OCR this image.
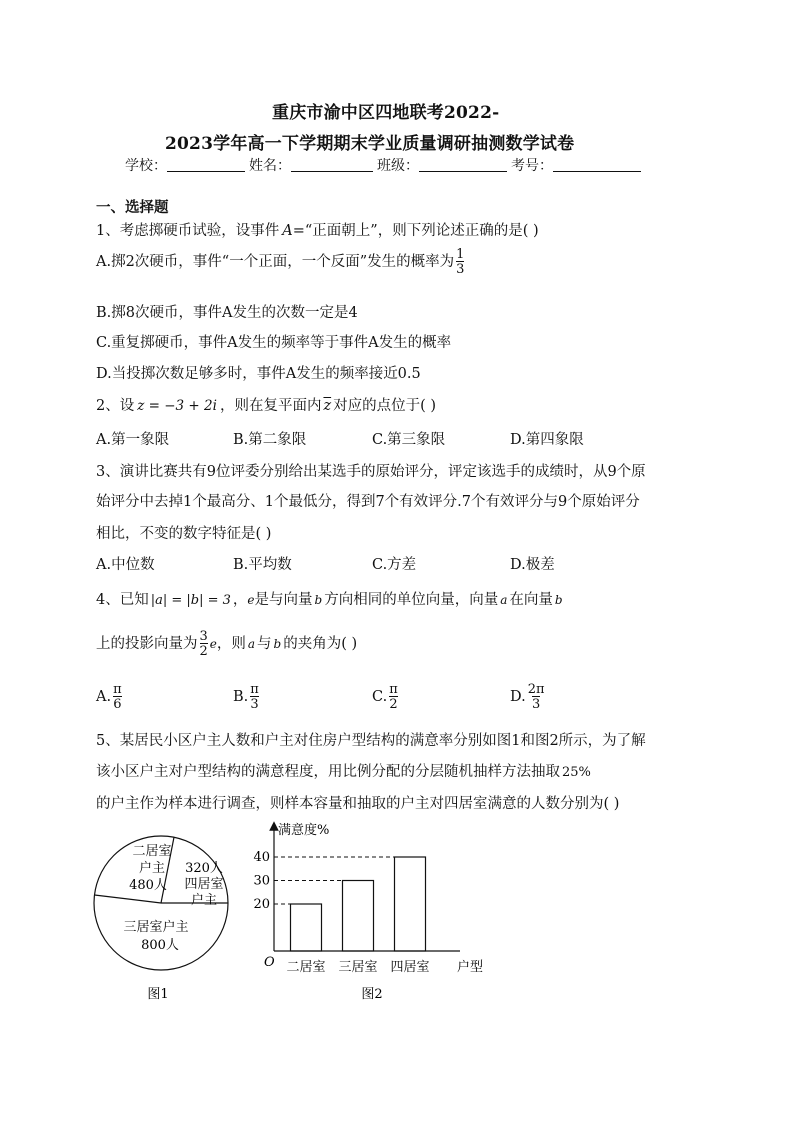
重庆市渝中区四地联考2022-
2023学年高一下学期期末学业质量调研抽测数学试卷
学校：	姓名：	班级：	考号：
一、选择题
1、考虑掷硬币试验，设事件 A=“正面朝上”，则下列论述正确的是( )
A.掷2次硬币，事件“一个正面，一个反面”发生的概率为 $\frac{1}{3}$
B.掷8次硬币，事件A发生的次数一定是4
C.重复掷硬币，事件A发生的频率等于事件A发生的概率
D.当投掷次数足够多时，事件A发生的频率接近0.5
2、设 z = −3 + 2i ，则在复平面内 $\overline{z}$ 对应的点位于( )
A.第一象限	B.第二象限	C.第三象限	D.第四象限
3、演讲比赛共有9位评委分别给出某选手的原始评分，评定该选手的成绩时，从9个原
始评分中去掉1个最高分、1个最低分，得到7个有效评分.7个有效评分与9个原始评分
相比，不变的数字特征是( )
A.中位数	B.平均数	C.方差	D.极差
4、已知 |a| = |b| = 3 ，e是与向量 b 方向相同的单位向量，向量 a 在向量 b
上的投影向量为 $\frac{3}{2}$ e，则 a 与 b 的夹角为( )
A. $\frac{\pi}{6}$	B. $\frac{\pi}{3}$	C. $\frac{\pi}{2}$	D. $\frac{2\pi}{3}$
5、某居民小区户主人数和户主对住房户型结构的满意率分别如图1和图2所示，为了解
该小区户主对户型结构的满意程度，用比例分配的分层随机抽样方法抽取 25%
的户主作为样本进行调查，则样本容量和抽取的户主对四居室满意的人数分别为( )
二居室
户主
480人
320人
四居室
户主
三居室户主
800人
图1
满意度%
户型
O
20
二居室
30
三居室
40
四居室
图2
